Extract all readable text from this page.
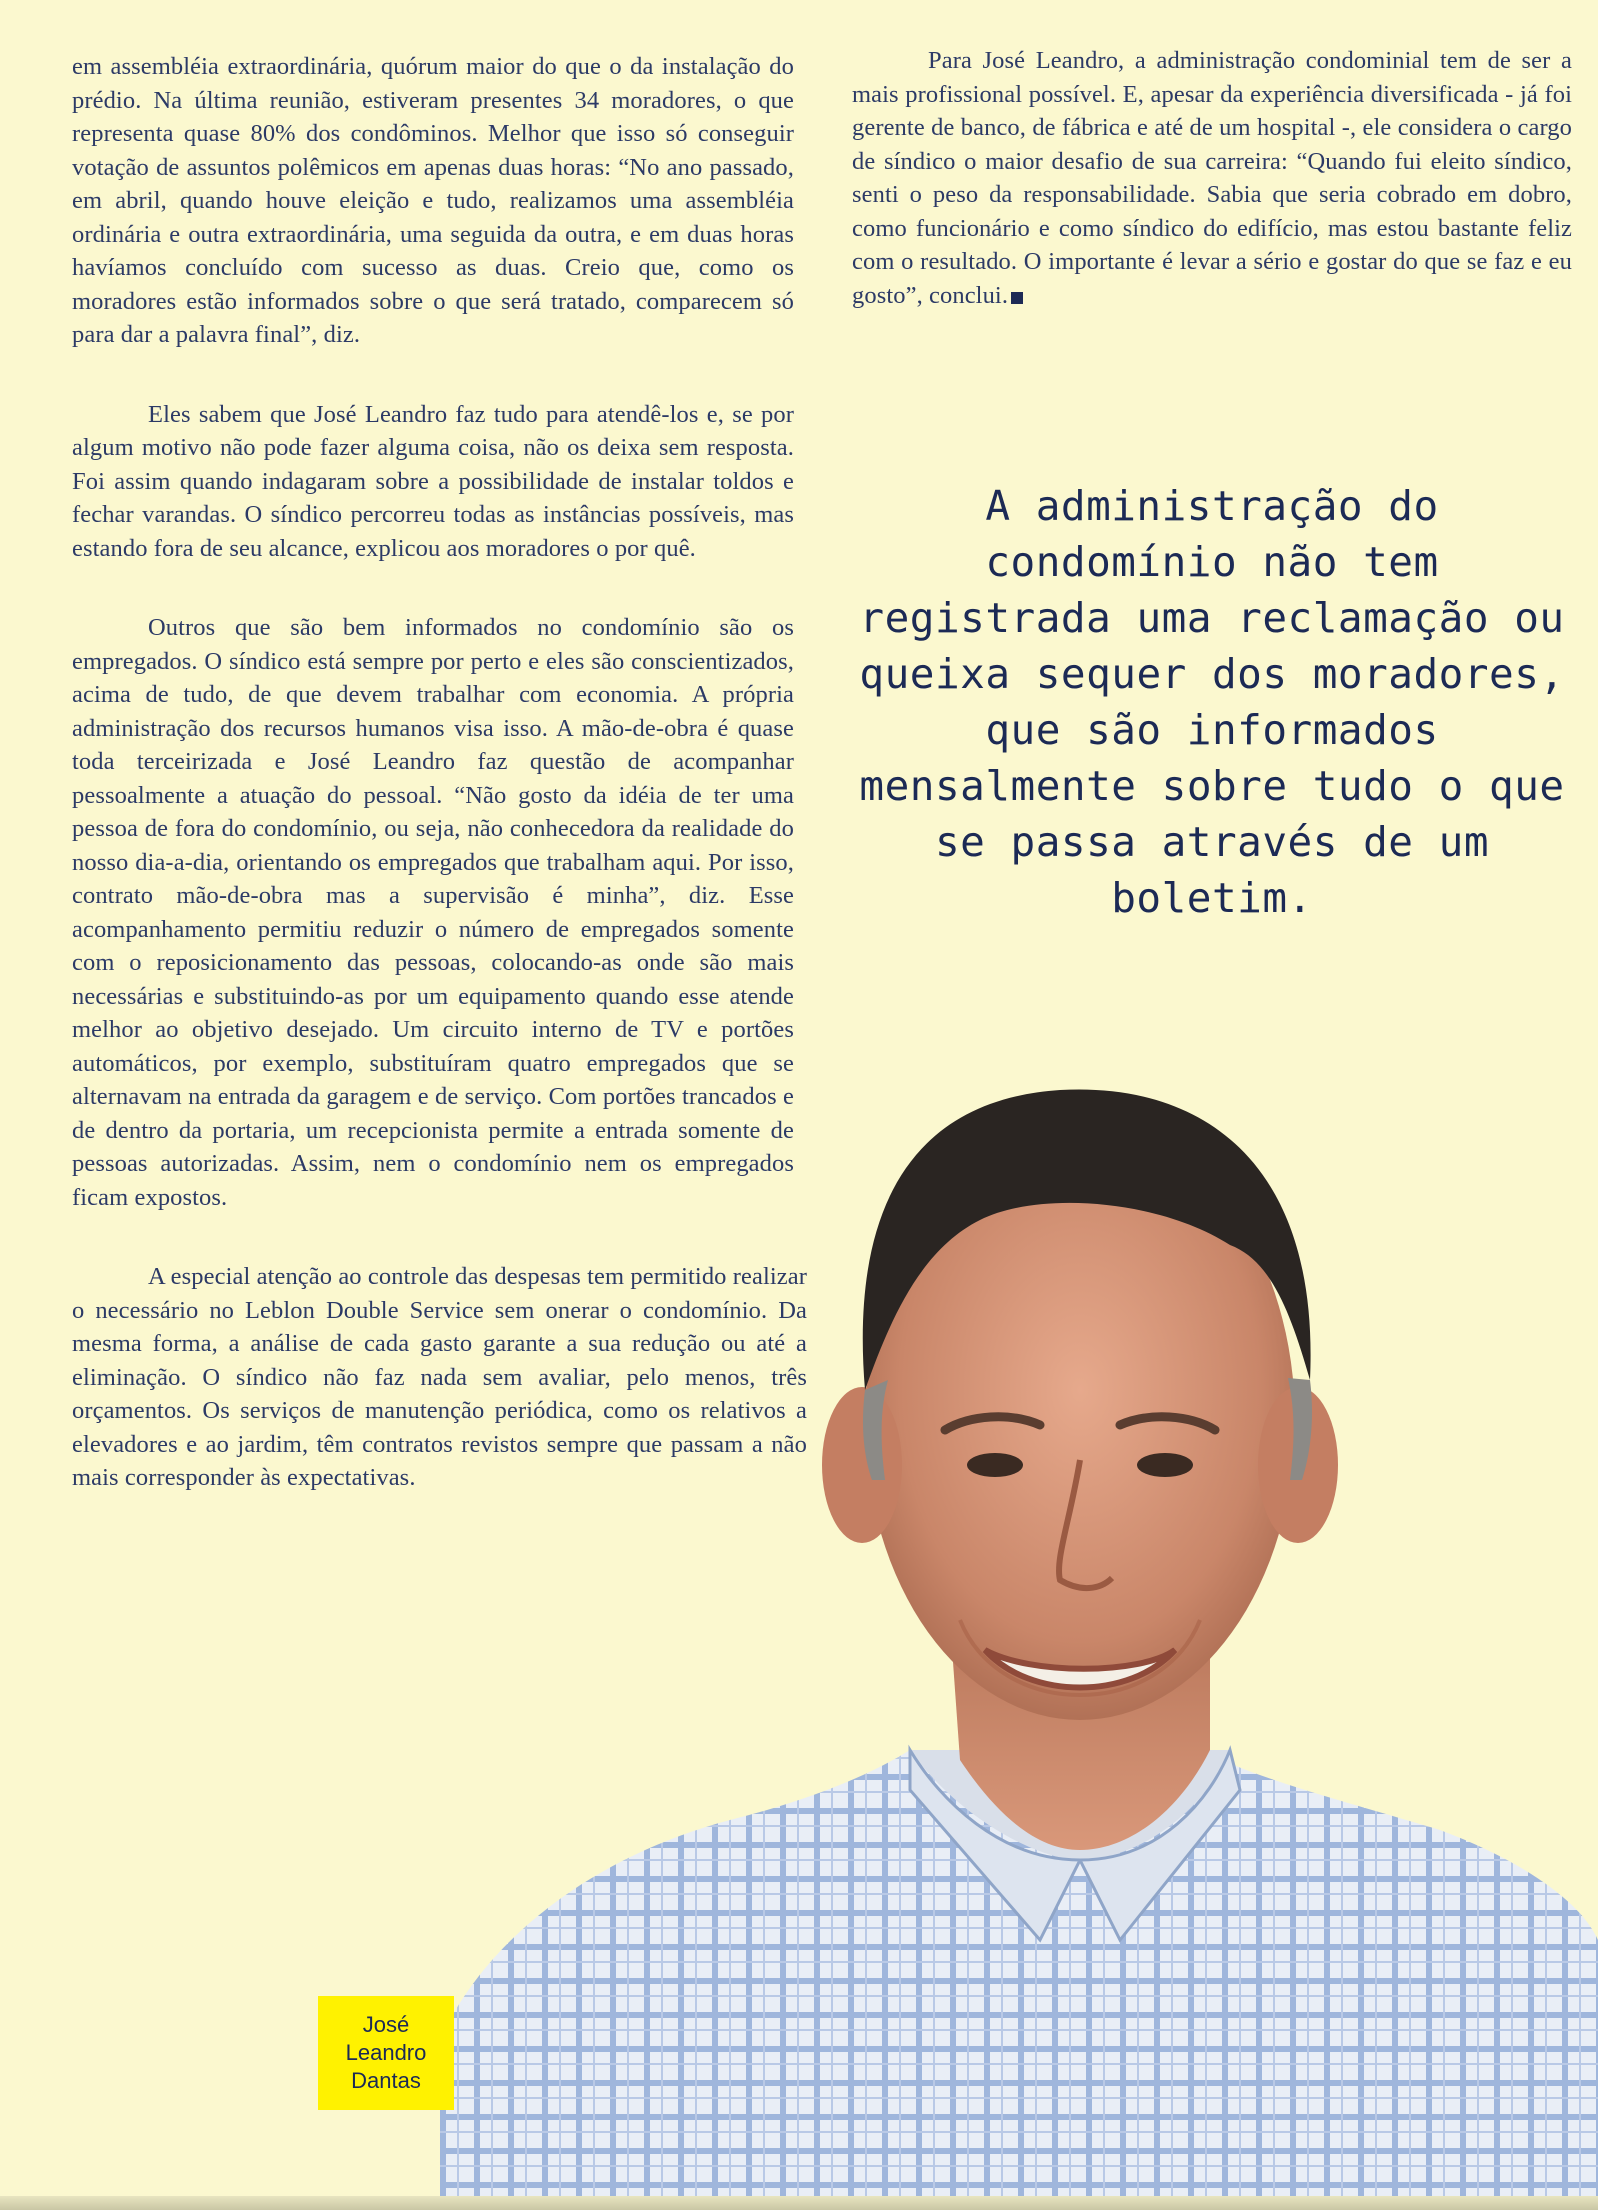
em assembléia extraordinária, quórum maior do que o da instalação do prédio. Na última reunião, estiveram presentes 34 moradores, o que representa quase 80% dos condôminos. Melhor que isso só conseguir votação de assuntos polêmicos em apenas duas horas: “No ano passado, em abril, quando houve eleição e tudo, realizamos uma assembléia ordinária e outra extraordinária, uma seguida da outra, e em duas horas havíamos concluído com sucesso as duas. Creio que, como os moradores estão informados sobre o que será tratado, comparecem só para dar a palavra final”, diz.

Eles sabem que José Leandro faz tudo para atendê-los e, se por algum motivo não pode fazer alguma coisa, não os deixa sem resposta. Foi assim quando indagaram sobre a possibilidade de instalar toldos e fechar varandas. O síndico percorreu todas as instâncias possíveis, mas estando fora de seu alcance, explicou aos moradores o por quê.

Outros que são bem informados no condomínio são os empregados. O síndico está sempre por perto e eles são conscientizados, acima de tudo, de que devem trabalhar com economia. A própria administração dos recursos humanos visa isso. A mão-de-obra é quase toda terceirizada e José Leandro faz questão de acompanhar pessoalmente a atuação do pessoal. “Não gosto da idéia de ter uma pessoa de fora do condomínio, ou seja, não conhecedora da realidade do nosso dia-a-dia, orientando os empregados que trabalham aqui. Por isso, contrato mão-de-obra mas a supervisão é minha”, diz. Esse acompanhamento permitiu reduzir o número de empregados somente com o reposicionamento das pessoas, colocando-as onde são mais necessárias e substituindo-as por um equipamento quando esse atende melhor ao objetivo desejado. Um circuito interno de TV e portões automáticos, por exemplo, substituíram quatro empregados que se alternavam na entrada da garagem e de serviço. Com portões trancados e de dentro da portaria, um recepcionista permite a entrada somente de pessoas autorizadas. Assim, nem o condomínio nem os empregados ficam expostos.

A especial atenção ao controle das despesas tem permitido realizar o necessário no Leblon Double Service sem onerar o condomínio. Da mesma forma, a análise de cada gasto garante a sua redução ou até a eliminação. O síndico não faz nada sem avaliar, pelo menos, três orçamentos. Os serviços de manutenção periódica, como os relativos a elevadores e ao jardim, têm contratos revistos sempre que passam a não mais corresponder às expectativas.

Para José Leandro, a administração condominial tem de ser a mais profissional possível. E, apesar da experiência diversificada - já foi gerente de banco, de fábrica e até de um hospital -, ele considera o cargo de síndico o maior desafio de sua carreira: “Quando fui eleito síndico, senti o peso da responsabilidade. Sabia que seria cobrado em dobro, como funcionário e como síndico do edifício, mas estou bastante feliz com o resultado. O importante é levar a sério e gostar do que se faz e eu gosto”, conclui.

A administração do condomínio não tem registrada uma reclamação ou queixa sequer dos moradores, que são informados mensalmente sobre tudo o que se passa através de um boletim.
José
Leandro
Dantas
